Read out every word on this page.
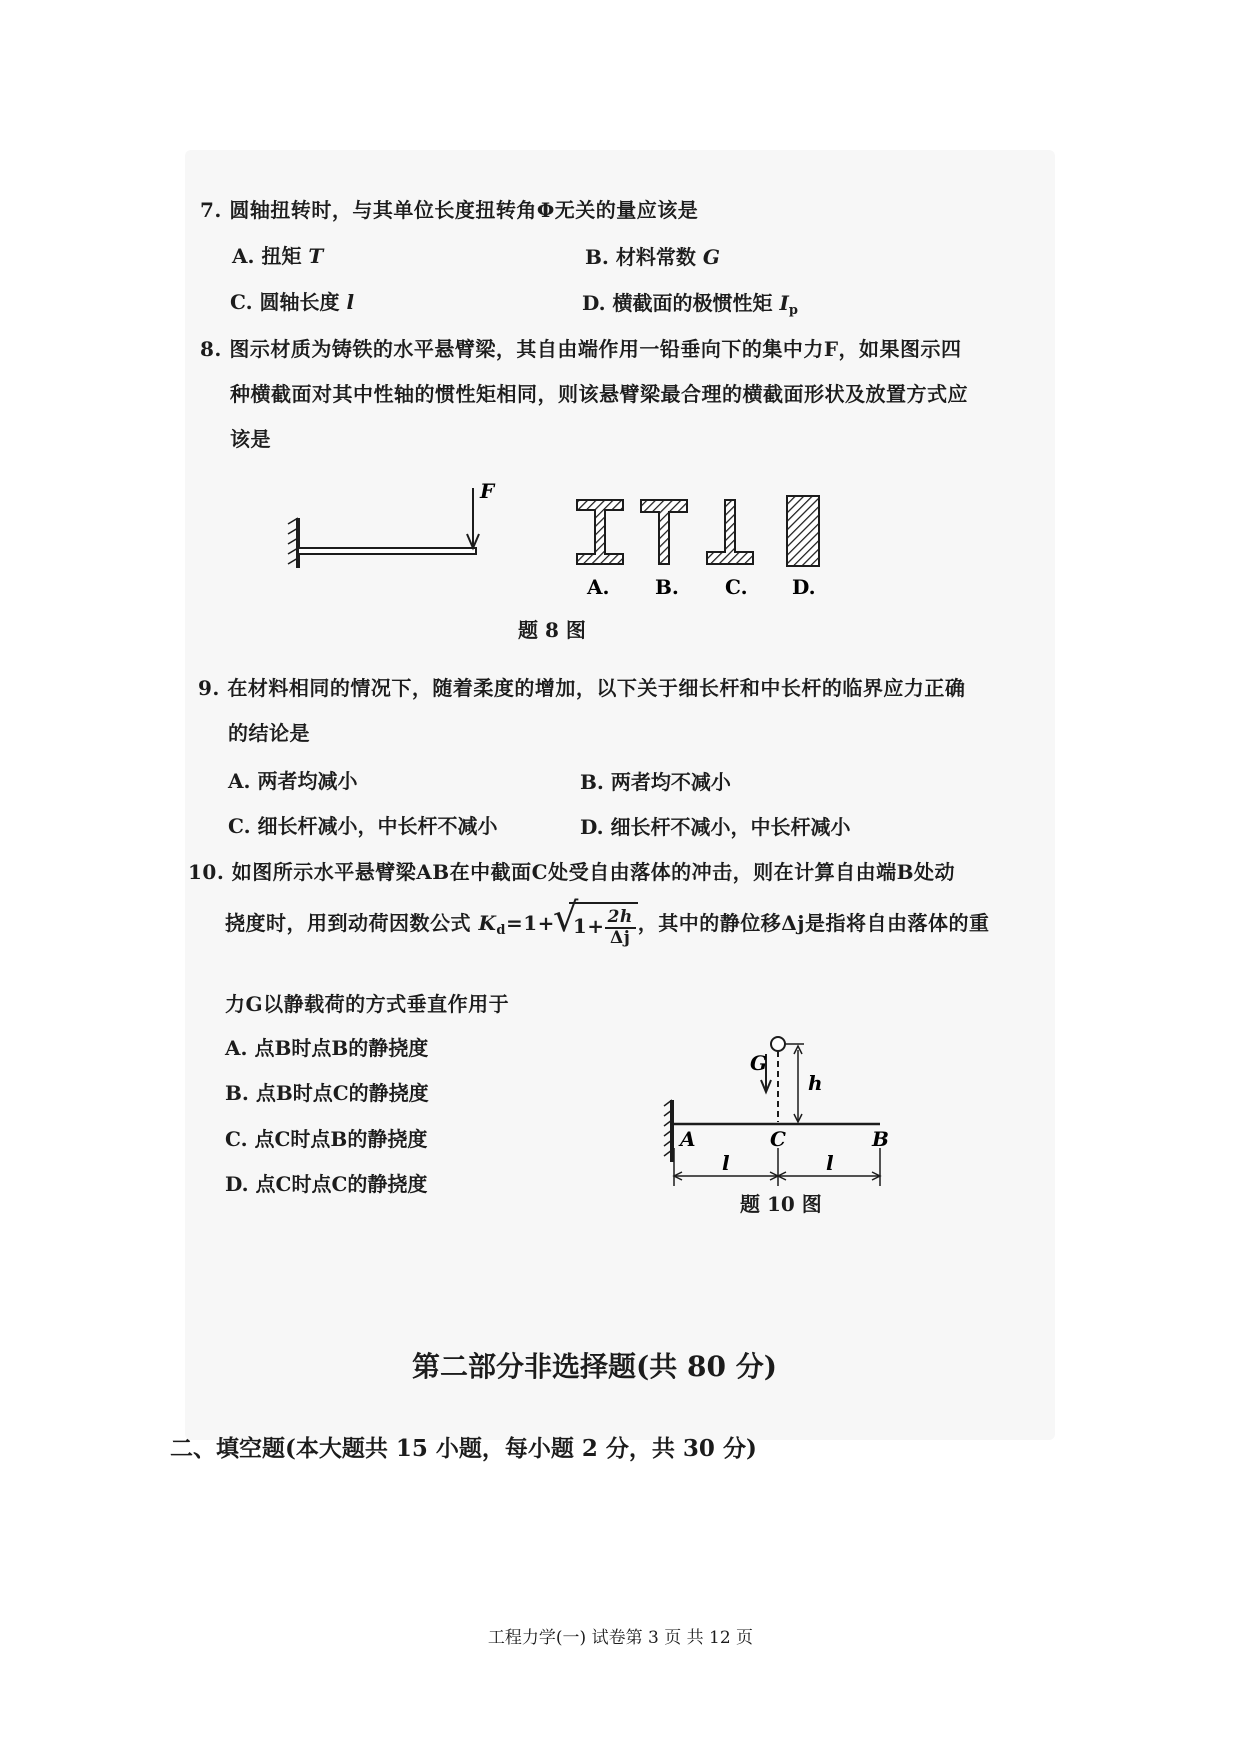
7. 圆轴扭转时，与其单位长度扭转角Φ无关的量应该是
A. 扭矩 T	B. 材料常数 G
C. 圆轴长度 l	D. 横截面的极惯性矩 $I_p$
8. 图示材质为铸铁的水平悬臂梁，其自由端作用一铅垂向下的集中力F，如果图示四
种横截面对其中性轴的惯性矩相同，则该悬臂梁最合理的横截面形状及放置方式应
该是
F
A. B. C. D.
题 8 图
9. 在材料相同的情况下，随着柔度的增加，以下关于细长杆和中长杆的临界应力正确
的结论是
A. 两者均减小	B. 两者均不减小
C. 细长杆减小，中长杆不减小	D. 细长杆不减小，中长杆减小
10. 如图所示水平悬臂梁AB在中截面C处受自由落体的冲击，则在计算自由端B处动
挠度时，用到动荷因数公式 $K_d=1+√$ $1+ \frac{2h}{\Delta j}$ ，其中的静位移Δj是指将自由落体的重
力G以静载荷的方式垂直作用于
A. 点B时点B的静挠度
B. 点B时点C的静挠度
C. 点C时点B的静挠度
D. 点C时点C的静挠度
G
h
A	C	B
l	l
题 10 图
第二部分非选择题(共 80 分)
二、填空题(本大题共 15 小题，每小题 2 分，共 30 分)
工程力学(一) 试卷第 3 页 共 12 页
